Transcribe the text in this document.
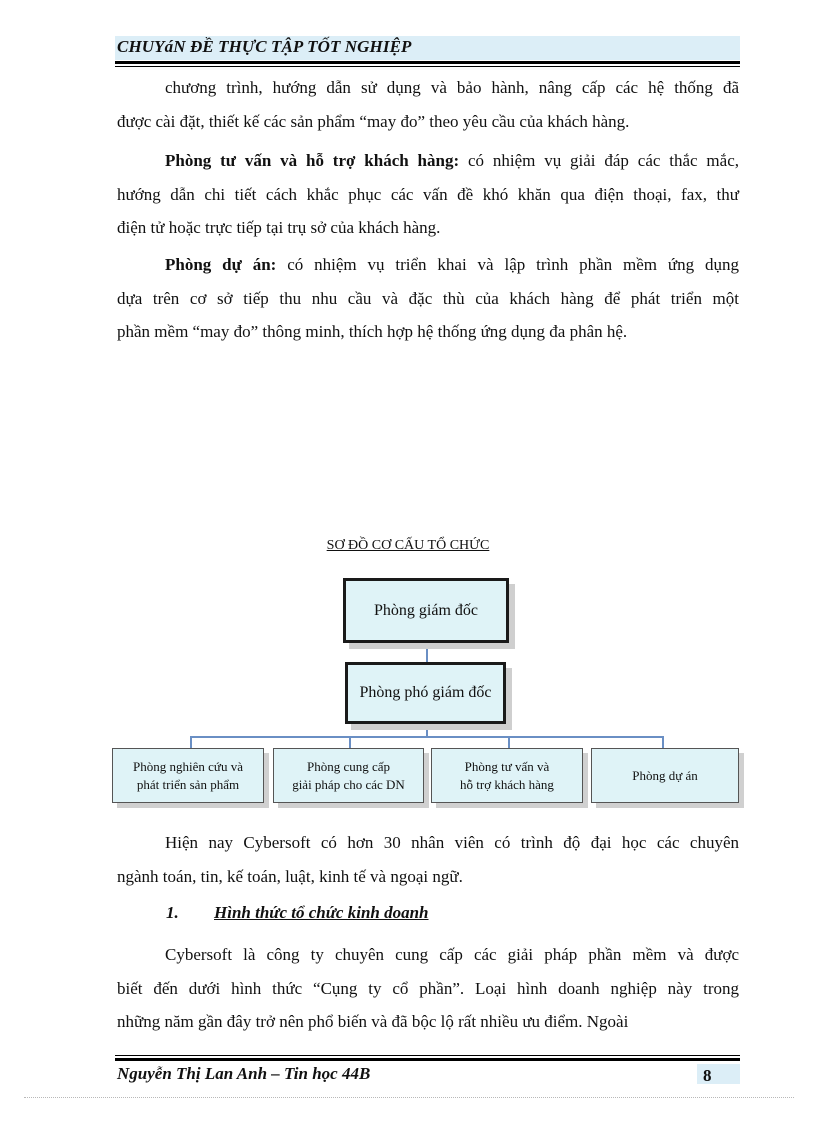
CHUYáN ĐỀ THỰC TẬP TỐT NGHIỆP
chương trình, hướng dẫn sử dụng và bảo hành, nâng cấp các hệ thống đã
được cài đặt, thiết kế các sản phẩm “may đo” theo yêu cầu của khách hàng.
Phòng tư vấn và hỗ trợ khách hàng: có nhiệm vụ giải đáp các thắc mắc,
hướng dẫn chi tiết cách khắc phục các vấn đề khó khăn qua điện thoại, fax, thư
điện tử hoặc trực tiếp tại trụ sở của khách hàng.
Phòng dự án: có nhiệm vụ triển khai và lập trình phần mềm ứng dụng
dựa trên cơ sở tiếp thu nhu cầu và đặc thù của khách hàng để phát triển một
phần mềm “may đo” thông minh, thích hợp hệ thống ứng dụng đa phân hệ.
SƠ ĐỒ CƠ CẤU TỔ CHỨC
Phòng giám đốc
Phòng phó giám đốc
Phòng nghiên cứu và
phát triển sản phẩm
Phòng cung cấp
giải pháp cho các DN
Phòng tư vấn và
hỗ trợ khách hàng
Phòng dự án
Hiện nay Cybersoft có hơn 30 nhân viên có trình độ đại học các chuyên
ngành toán, tin, kế toán, luật, kinh tế và ngoại ngữ.
1. Hình thức tổ chức kinh doanh
Cybersoft là công ty chuyên cung cấp các giải pháp phần mềm và được
biết đến dưới hình thức “Cụng ty cổ phần”. Loại hình doanh nghiệp này trong
những năm gần đây trở nên phổ biến và đã bộc lộ rất nhiều ưu điểm. Ngoài
Nguyễn Thị Lan Anh – Tin học 44B	8
